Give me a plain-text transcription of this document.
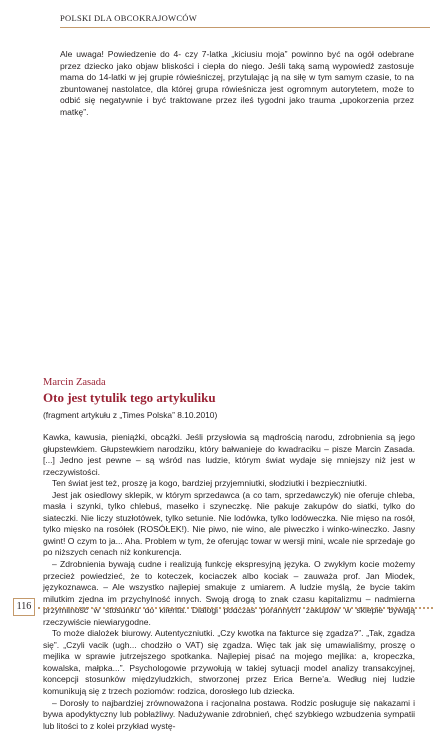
POLSKI DLA OBCOKRAJOWCÓW

Ale uwaga! Powiedzenie do 4- czy 7-latka „kiciusiu moja” powinno być na ogół odebrane przez dziecko jako objaw bliskości i ciepła do niego. Jeśli taką samą wypowiedź zastosuje mama do 14-latki w jej grupie rówieśniczej, przytulając ją na siłę w tym samym czasie, to na zbuntowanej nastolatce, dla której grupa rówieśnicza jest ogromnym autorytetem, może to odbić się negatywnie i być traktowane przez ileś tygodni jako trauma „upokorzenia przez matkę”.

Marcin Zasada
Oto jest tytulik tego artykuliku
(fragment artykułu z „Times Polska” 8.10.2010)

Kawka, kawusia, pieniążki, obcążki. Jeśli przysłowia są mądrością narodu, zdrobnienia są jego głupstewkiem. Głupstewkiem narodziku, który bałwanieje do kwadraciku – pisze Marcin Zasada. [...] Jedno jest pewne – są wśród nas ludzie, którym świat wydaje się mniejszy niż jest w rzeczywistości.

Ten świat jest też, proszę ja kogo, bardziej przyjemniutki, słodziutki i bezpieczniutki.

Jest jak osiedlowy sklepik, w którym sprzedawca (a co tam, sprzedawczyk) nie oferuje chleba, masła i szynki, tylko chlebuś, masełko i szyneczkę. Nie pakuje zakupów do siatki, tylko do siateczki. Nie liczy stuzłotówek, tylko setunie. Nie lodówka, tylko lodóweczka. Nie mięso na rosół, tylko mięsko na rosółek (ROSÓŁEK!). Nie piwo, nie wino, ale piweczko i winko-wineczko. Jasny gwint! O czym to ja... Aha. Problem w tym, że oferując towar w wersji mini, wcale nie sprzedaje go po niższych cenach niż konkurencja.

– Zdrobnienia bywają cudne i realizują funkcję ekspresyjną języka. O zwykłym kocie możemy przecież powiedzieć, że to koteczek, kociaczek albo kociak – zauważa prof. Jan Miodek, językoznawca. – Ale wszystko najlepiej smakuje z umiarem. A ludzie myślą, że bycie takim milutkim zjedna im przychylność innych. Swoją drogą to znak czasu kapitalizmu – nadmierna przymilność w stosunku do klienta. Dialogi podczas porannych zakupów w sklepie bywają rzeczywiście niewiarygodne.

To może dialożek biurowy. Autentyczniutki. „Czy kwotka na fakturce się zgadza?”. „Tak, zgadza się”. „Czyli vacik (ugh... chodziło o VAT) się zgadza. Więc tak jak się umawialiśmy, proszę o mejlika w sprawie jutrzejszego spotkanka. Najlepiej pisać na mojego mejlika: a, kropeczka, kowalska, małpka...”. Psychologowie przywołują w takiej sytuacji model analizy transakcyjnej, koncepcji stosunków międzyludzkich, stworzonej przez Erica Berne’a. Według niej ludzie komunikują się z trzech poziomów: rodzica, dorosłego lub dziecka.

– Dorosły to najbardziej zrównoważona i racjonalna postawa. Rodzic posługuje się nakazami i bywa apodyktyczny lub pobłażliwy. Nadużywanie zdrobnień, chęć szybkiego wzbudzenia sympatii lub litości to z kolei przykład wystę-

116
